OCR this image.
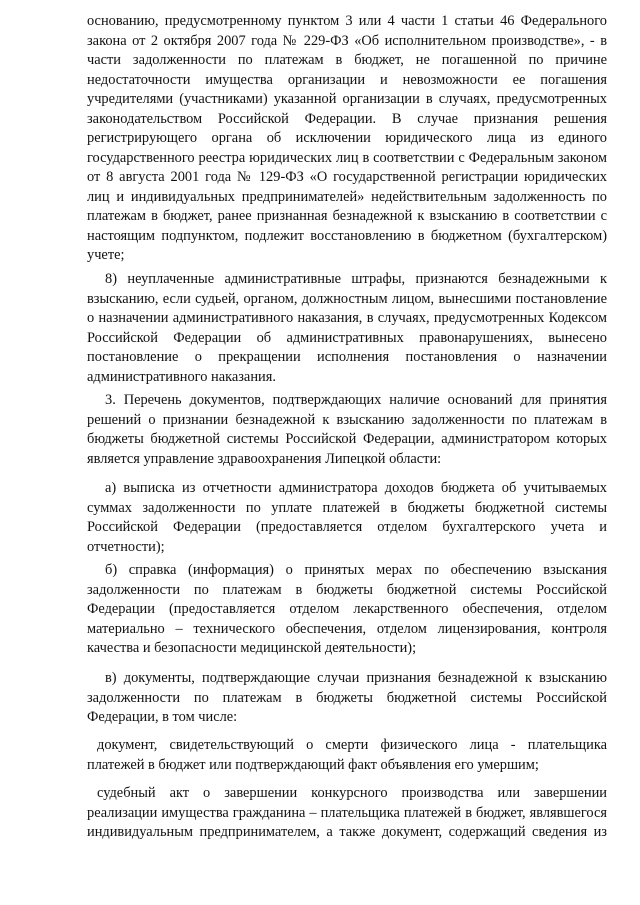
основанию, предусмотренному пунктом 3 или 4 части 1 статьи 46 Федерального
закона от 2 октября 2007 года № 229-ФЗ «Об исполнительном производстве», - в
части задолженности по платежам в бюджет, не погашенной по причине
недостаточности имущества организации и невозможности ее погашения
учредителями (участниками) указанной организации в случаях, предусмотренных
законодательством Российской Федерации. В случае признания решения
регистрирующего органа об исключении юридического лица из единого
государственного реестра юридических лиц в соответствии с Федеральным законом
от 8 августа 2001 года № 129-ФЗ «О государственной регистрации юридических
лиц и индивидуальных предпринимателей» недействительным задолженность по
платежам в бюджет, ранее признанная безнадежной к взысканию в соответствии с
настоящим подпунктом, подлежит восстановлению в бюджетном (бухгалтерском)
учете;
8) неуплаченные административные штрафы, признаются безнадежными к
взысканию, если судьей, органом, должностным лицом, вынесшими постановление
о назначении административного наказания, в случаях, предусмотренных Кодексом
Российской Федерации об административных правонарушениях, вынесено
постановление о прекращении исполнения постановления о назначении
административного наказания.
3. Перечень документов, подтверждающих наличие оснований для принятия
решений о признании безнадежной к взысканию задолженности по платежам в
бюджеты бюджетной системы Российской Федерации, администратором которых
является управление здравоохранения Липецкой области:
а) выписка из отчетности администратора доходов бюджета об учитываемых
суммах задолженности по уплате платежей в бюджеты бюджетной системы
Российской Федерации (предоставляется отделом бухгалтерского учета и
отчетности);
б) справка (информация) о принятых мерах по обеспечению взыскания
задолженности по платежам в бюджеты бюджетной системы Российской
Федерации (предоставляется отделом лекарственного обеспечения, отделом
материально – технического обеспечения, отделом лицензирования, контроля
качества и безопасности медицинской деятельности);
в) документы, подтверждающие случаи признания безнадежной к взысканию
задолженности по платежам в бюджеты бюджетной системы Российской
Федерации, в том числе:
документ, свидетельствующий о смерти физического лица - плательщика
платежей в бюджет или подтверждающий факт объявления его умершим;
судебный акт о завершении конкурсного производства или завершении
реализации имущества гражданина – плательщика платежей в бюджет, являвшегося
индивидуальным предпринимателем, а также документ, содержащий сведения из
